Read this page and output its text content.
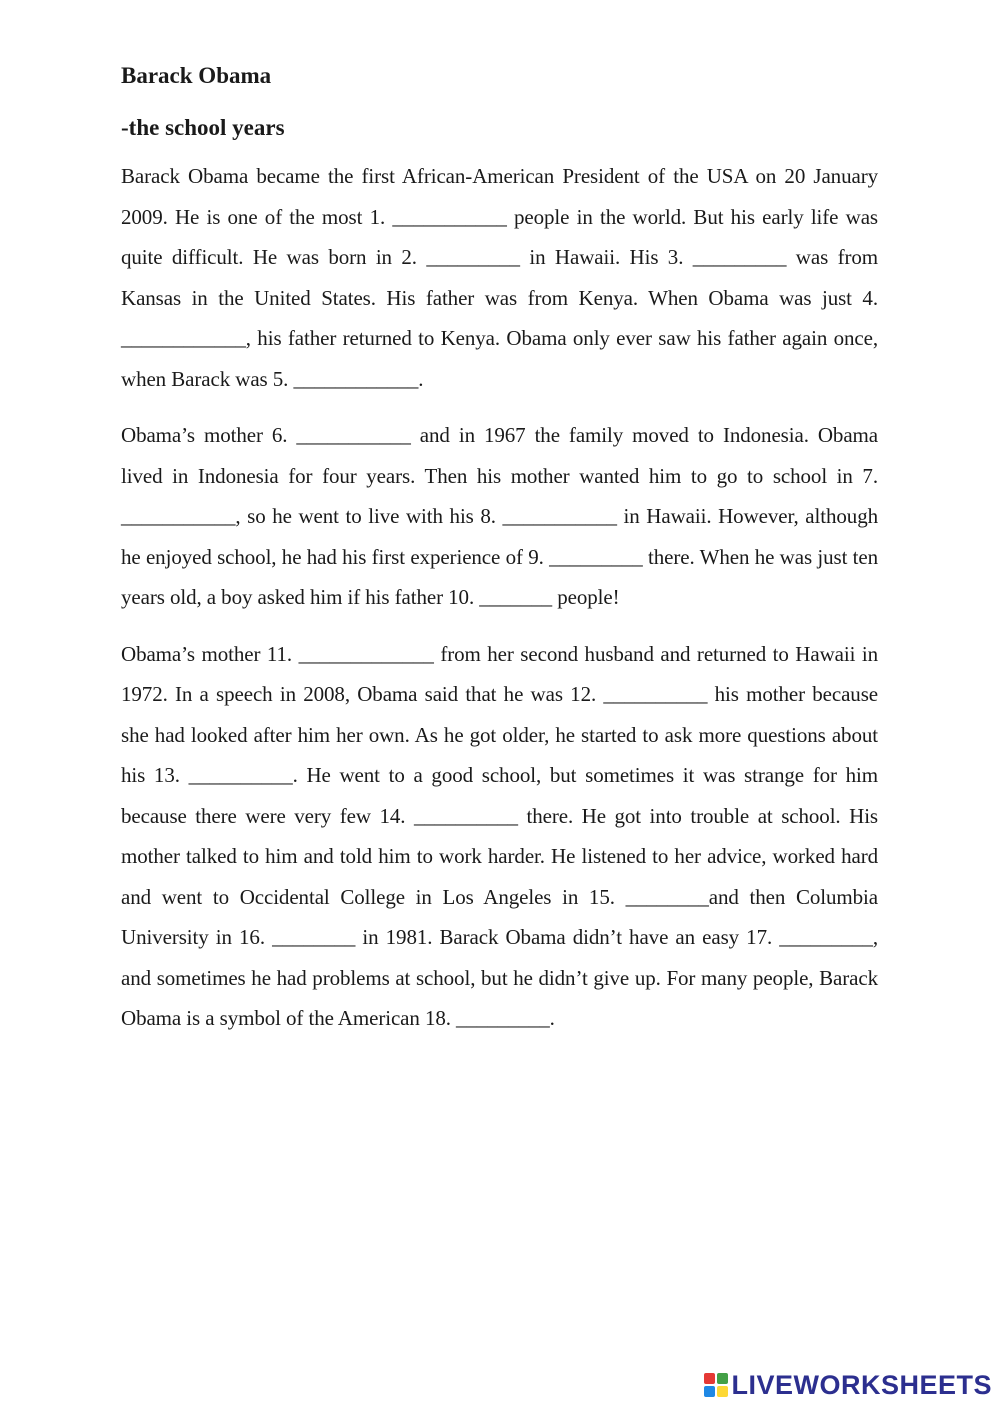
Barack Obama
-the school years

Barack Obama became the first African-American President of the USA on 20 January 2009. He is one of the most 1. ___________ people in the world. But his early life was quite difficult. He was born in 2. _________ in Hawaii. His 3. _________ was from Kansas in the United States. His father was from Kenya. When Obama was just 4. ____________, his father returned to Kenya. Obama only ever saw his father again once, when Barack was 5. ____________.

Obama’s mother 6. ___________ and in 1967 the family moved to Indonesia. Obama lived in Indonesia for four years. Then his mother wanted him to go to school in 7. ___________, so he went to live with his 8. ___________ in Hawaii. However, although he enjoyed school, he had his first experience of 9. _________ there. When he was just ten years old, a boy asked him if his father 10. _______ people!

Obama’s mother 11. _____________ from her second husband and returned to Hawaii in 1972. In a speech in 2008, Obama said that he was 12. __________ his mother because she had looked after him her own. As he got older, he started to ask more questions about his 13. __________. He went to a good school, but sometimes it was strange for him because there were very few 14. __________ there. He got into trouble at school. His mother talked to him and told him to work harder. He listened to her advice, worked hard and went to Occidental College in Los Angeles in 15. ________and then Columbia University in 16. ________ in 1981. Barack Obama didn’t have an easy 17. _________, and sometimes he had problems at school, but he didn’t give up. For many people, Barack Obama is a symbol of the American 18. _________.

LIVEWORKSHEETS
